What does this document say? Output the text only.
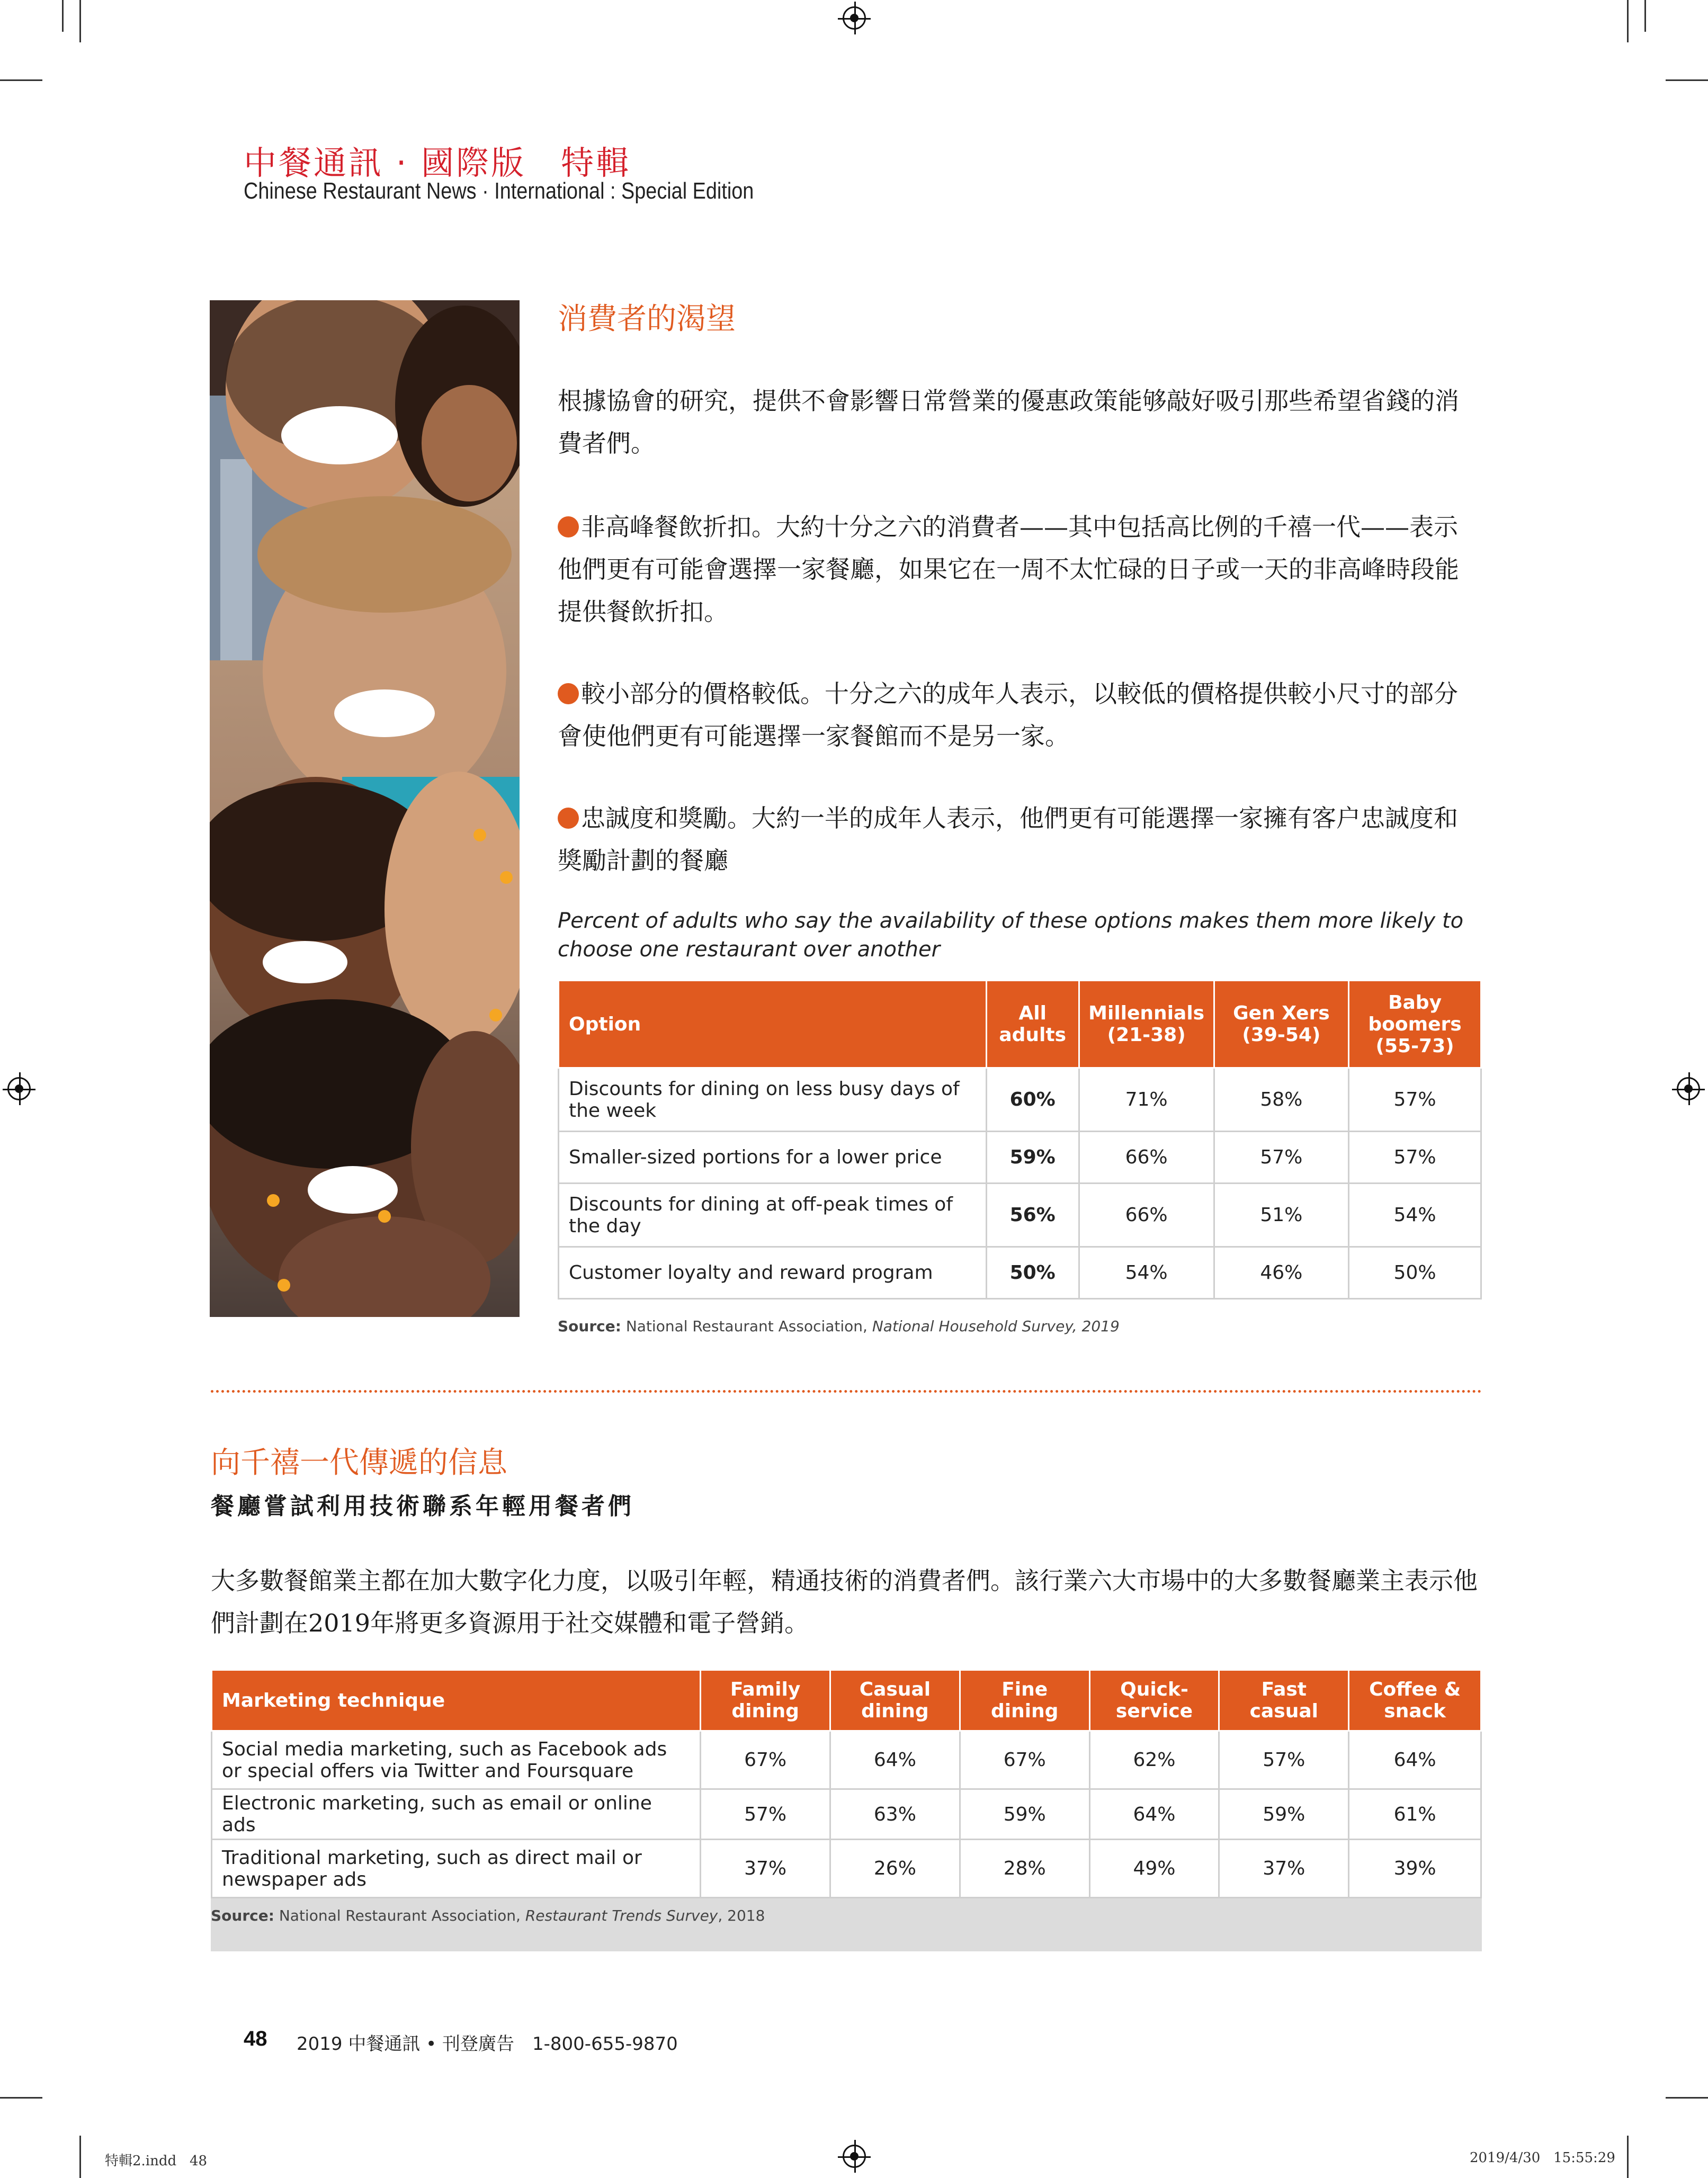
中餐通訊 · 國際版　特輯
Chinese Restaurant News · International : Special Edition
消費者的渴望
根據協會的研究，提供不會影響日常營業的優惠政策能够敲好吸引那些希望省錢的消費者們。
非高峰餐飲折扣。大約十分之六的消費者——其中包括高比例的千禧一代——表示他們更有可能會選擇一家餐廳，如果它在一周不太忙碌的日子或一天的非高峰時段能提供餐飲折扣。
較小部分的價格較低。十分之六的成年人表示，以較低的價格提供較小尺寸的部分會使他們更有可能選擇一家餐館而不是另一家。
忠誠度和獎勵。大約一半的成年人表示，他們更有可能選擇一家擁有客户忠誠度和獎勵計劃的餐廳
Percent of adults who say the availability of these options makes them more likely to choose one restaurant over another
Option	All adults	Millennials (21-38)	Gen Xers (39-54)	Baby boomers (55-73)
Discounts for dining on less busy days of the week	60%	71%	58%	57%
Smaller-sized portions for a lower price	59%	66%	57%	57%
Discounts for dining at off-peak times of the day	56%	66%	51%	54%
Customer loyalty and reward program	50%	54%	46%	50%
Source: National Restaurant Association, National Household Survey, 2019
向千禧一代傳遞的信息
餐廳嘗試利用技術聯系年輕用餐者們
大多數餐館業主都在加大數字化力度，以吸引年輕，精通技術的消費者們。該行業六大市場中的大多數餐廳業主表示他們計劃在2019年將更多資源用于社交媒體和電子營銷。
Marketing technique	Family dining	Casual dining	Fine dining	Quick-service	Fast casual	Coffee & snack
Social media marketing, such as Facebook ads or special offers via Twitter and Foursquare	67%	64%	67%	62%	57%	64%
Electronic marketing, such as email or online ads	57%	63%	59%	64%	59%	61%
Traditional marketing, such as direct mail or newspaper ads	37%	26%	28%	49%	37%	39%
Source: National Restaurant Association, Restaurant Trends Survey, 2018
48 2019 中餐通訊 • 刊登廣告　1-800-655-9870
特輯2.indd   48	2019/4/30   15:55:29
